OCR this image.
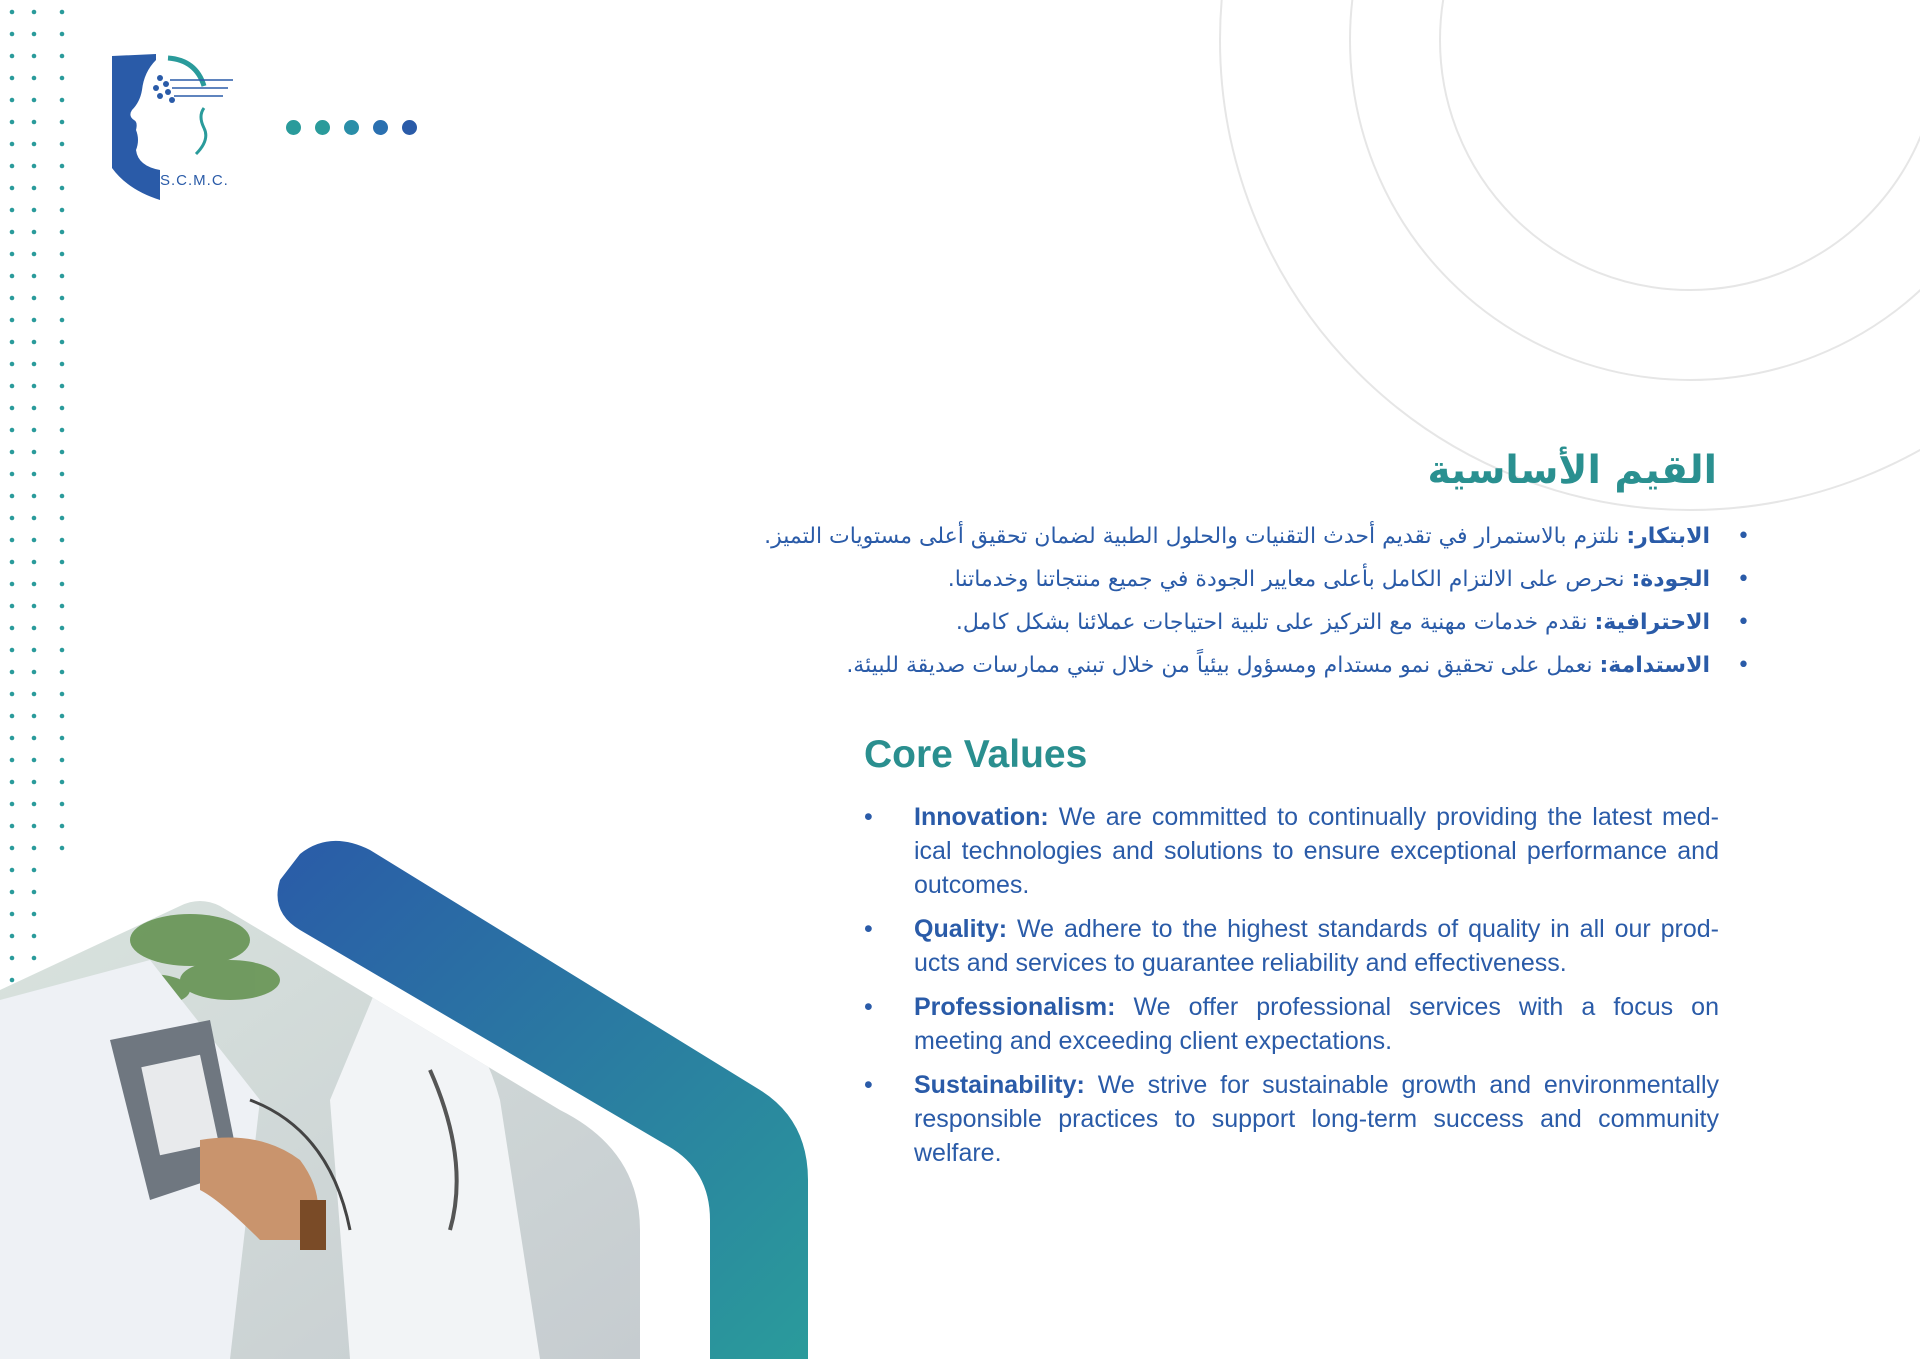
S.C.M.C.
القيم الأساسية
•
الابتكار: نلتزم بالاستمرار في تقديم أحدث التقنيات والحلول الطبية لضمان تحقيق أعلى مستويات التميز.
•
الجودة: نحرص على الالتزام الكامل بأعلى معايير الجودة في جميع منتجاتنا وخدماتنا.
•
الاحترافية: نقدم خدمات مهنية مع التركيز على تلبية احتياجات عملائنا بشكل كامل.
•
الاستدامة: نعمل على تحقيق نمو مستدام ومسؤول بيئياً من خلال تبني ممارسات صديقة للبيئة.
Core Values
• Innovation: We are committed to continually providing the latest med-ical technologies and solutions to ensure exceptional performance and outcomes.
• Quality: We adhere to the highest standards of quality in all our prod-ucts and services to guarantee reliability and effectiveness.
• Professionalism: We offer professional services with a focus on meeting and exceeding client expectations.
• Sustainability: We strive for sustainable growth and environmentally responsible practices to support long-term success and community welfare.
